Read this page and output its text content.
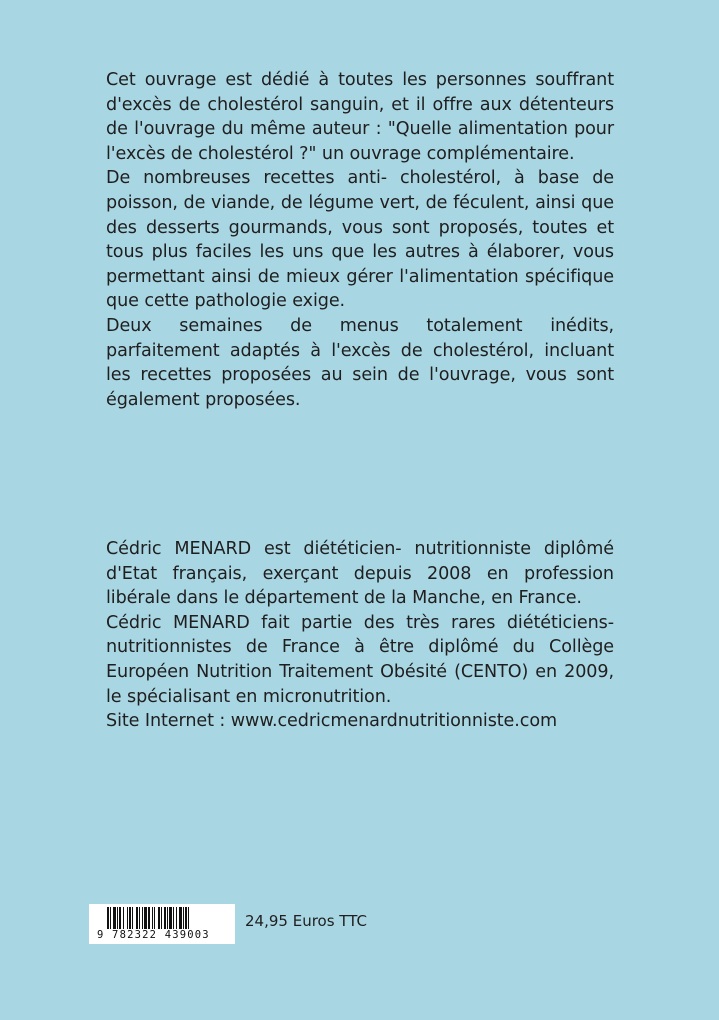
Cet ouvrage est dédié à toutes les personnes souffrant d'excès de cholestérol sanguin, et il offre aux détenteurs de l'ouvrage du même auteur : "Quelle alimentation pour l'excès de cholestérol ?" un ouvrage complémentaire.

De nombreuses recettes anti- cholestérol, à base de poisson, de viande, de légume vert, de féculent, ainsi que des desserts gourmands, vous sont proposés, toutes et tous plus faciles les uns que les autres à élaborer, vous permettant ainsi de mieux gérer l'alimentation spécifique que cette pathologie exige.

Deux semaines de menus totalement inédits, parfaitement adaptés à l'excès de cholestérol, incluant les recettes proposées au sein de l'ouvrage, vous sont également proposées.

Cédric MENARD est diététicien- nutritionniste diplômé d'Etat français, exerçant depuis 2008 en profession libérale dans le département de la Manche, en France.

Cédric MENARD fait partie des très rares diététiciens-nutritionnistes de France à être diplômé du Collège Européen Nutrition Traitement Obésité (CENTO) en 2009, le spécialisant en micronutrition.

Site Internet : www.cedricmenardnutritionniste.com

9 782322 439003
24,95 Euros TTC
